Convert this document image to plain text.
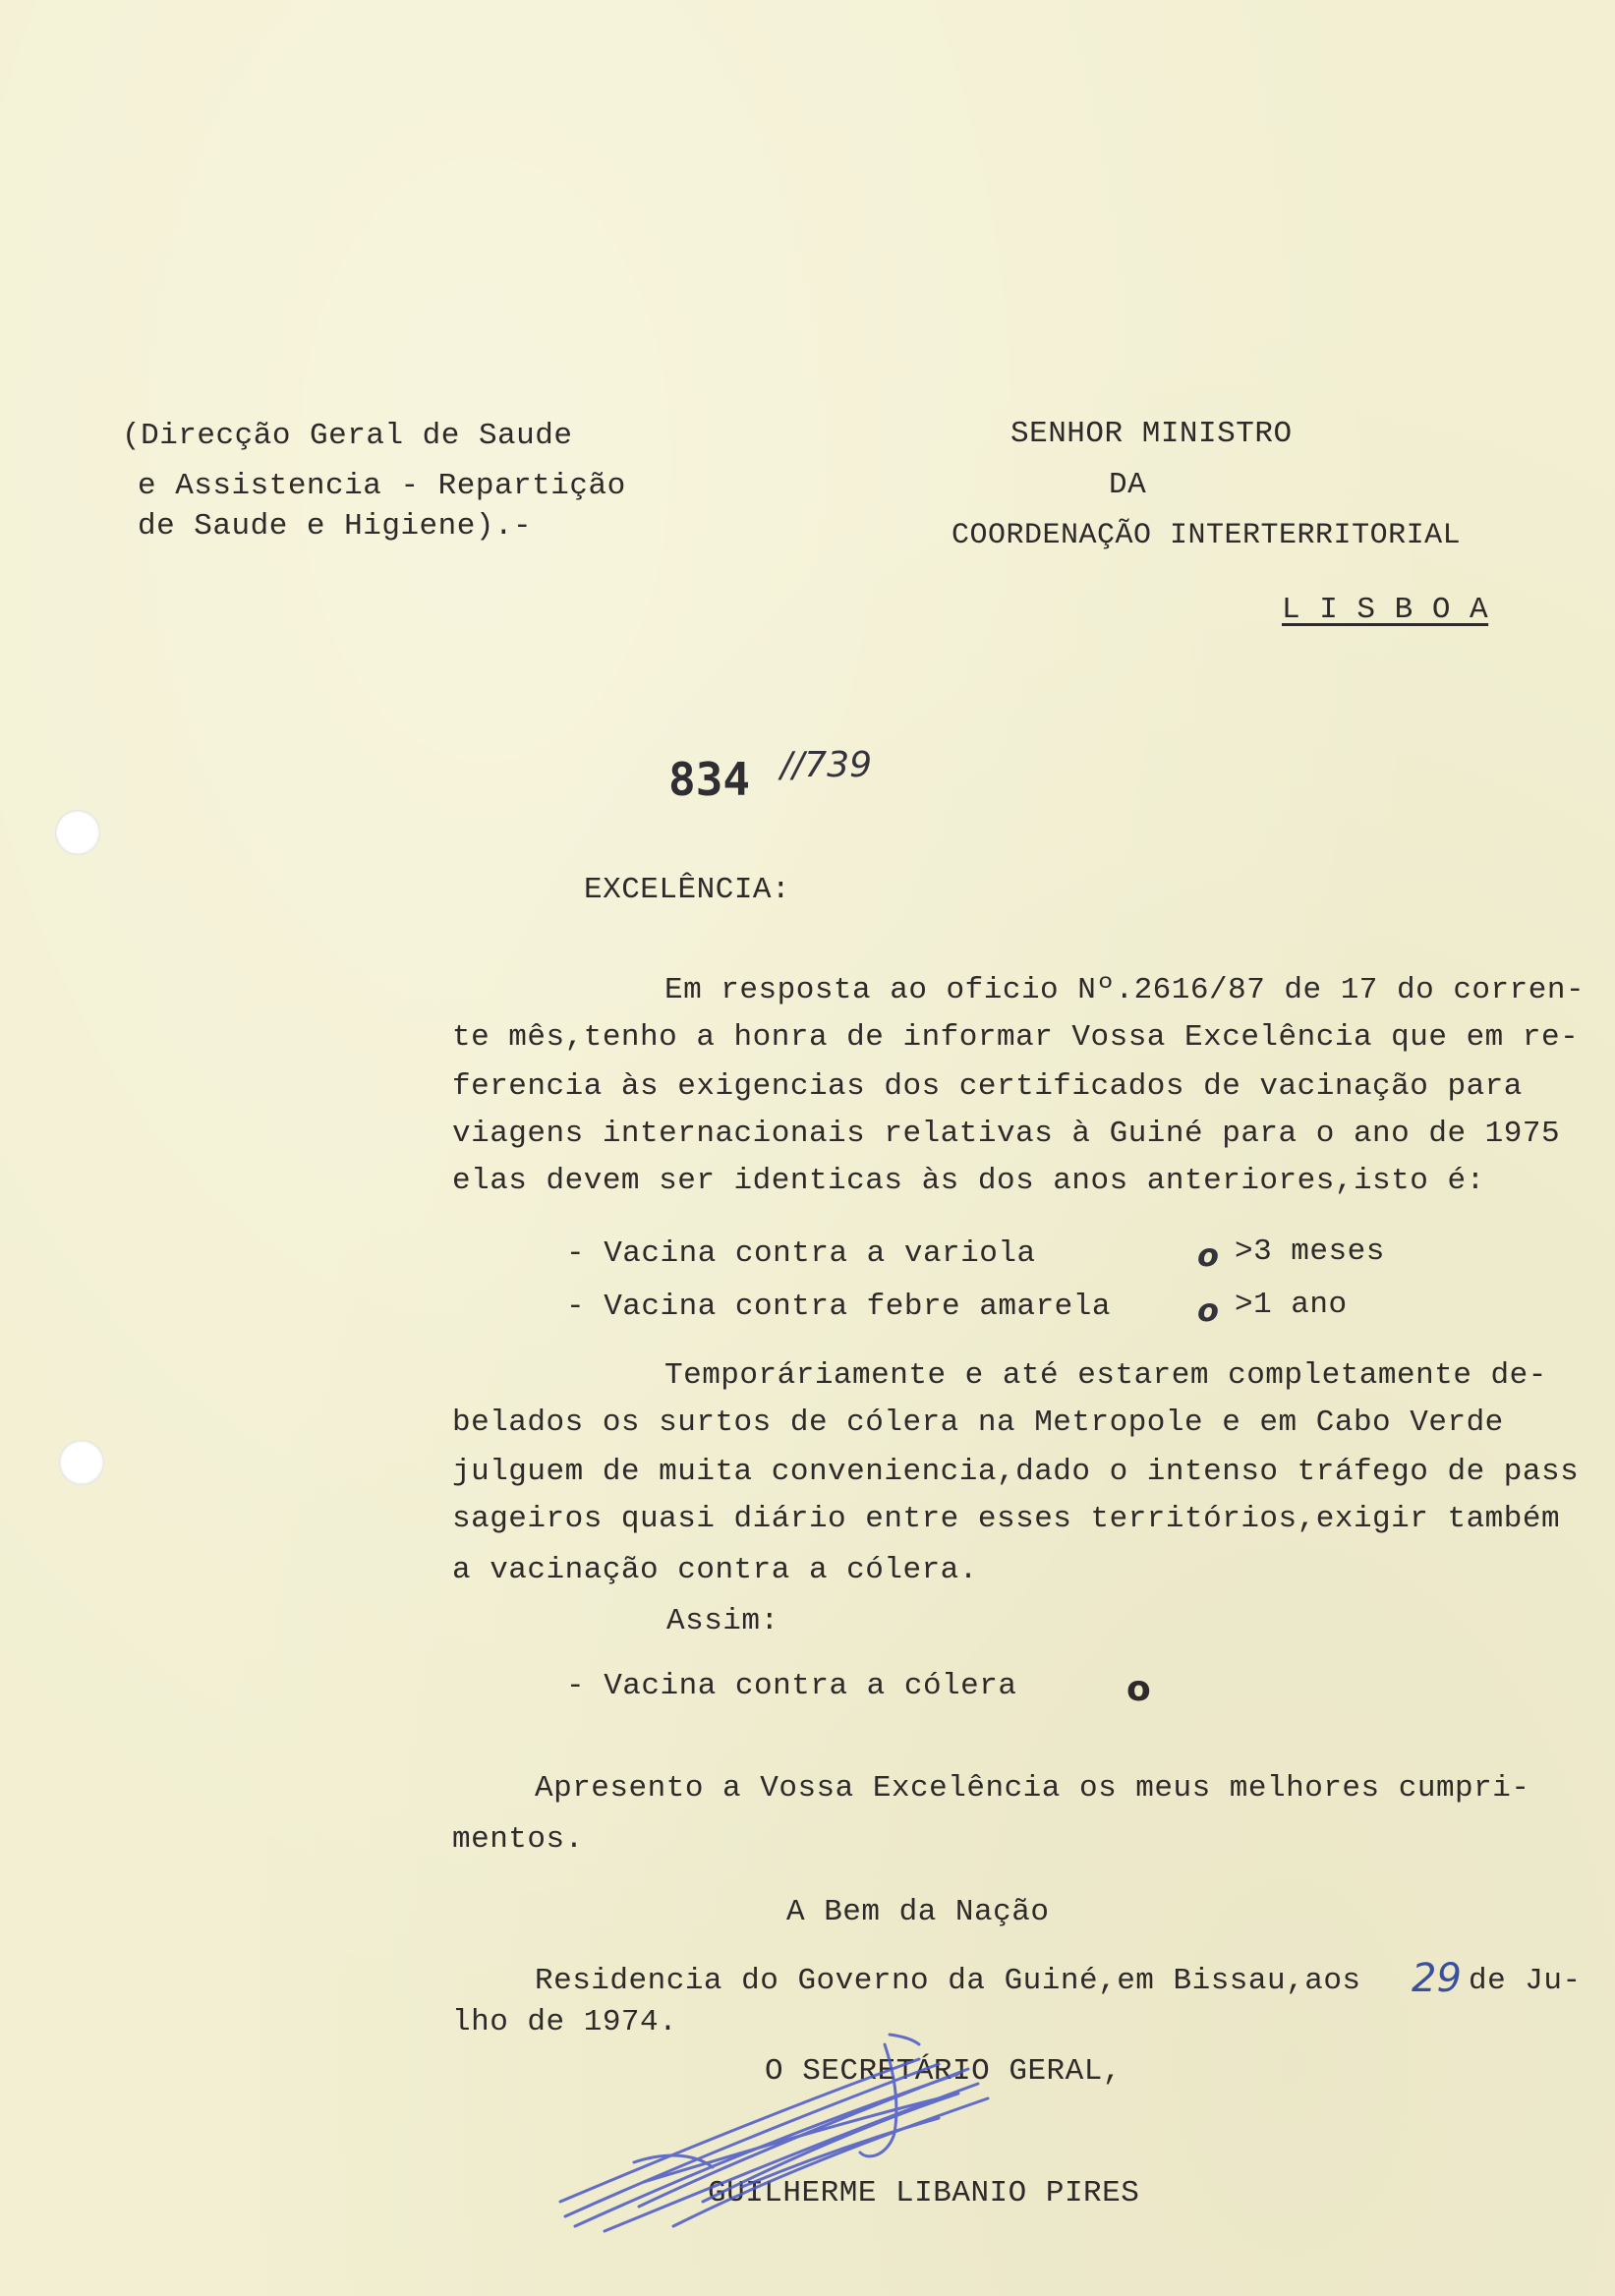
(Direcção Geral de Saude
e Assistencia - Repartição
de Saude e Higiene).-
SENHOR MINISTRO
DA
COORDENAÇÃO INTERTERRITORIAL
L I S B O A
834 //739
EXCELÊNCIA:
Em resposta ao oficio Nº.2616/87 de 17 do corren-
te mês,tenho a honra de informar Vossa Excelência que em re-
ferencia às exigencias dos certificados de vacinação para
viagens internacionais relativas à Guiné para o ano de 1975
elas devem ser identicas às dos anos anteriores,isto é:
- Vacina contra a variola	o >3 meses
- Vacina contra febre amarela	o >1 ano
Temporáriamente e até estarem completamente de-
belados os surtos de cólera na Metropole e em Cabo Verde
julguem de muita conveniencia,dado o intenso tráfego de pass
sageiros quasi diário entre esses territórios,exigir também
a vacinação contra a cólera.
Assim:
- Vacina contra a cólera	o
Apresento a Vossa Excelência os meus melhores cumpri-
mentos.
A Bem da Nação
Residencia do Governo da Guiné,em Bissau,aos 29 de Ju-
lho de 1974.
O SECRETÁRIO GERAL,
GUILHERME LIBANIO PIRES
